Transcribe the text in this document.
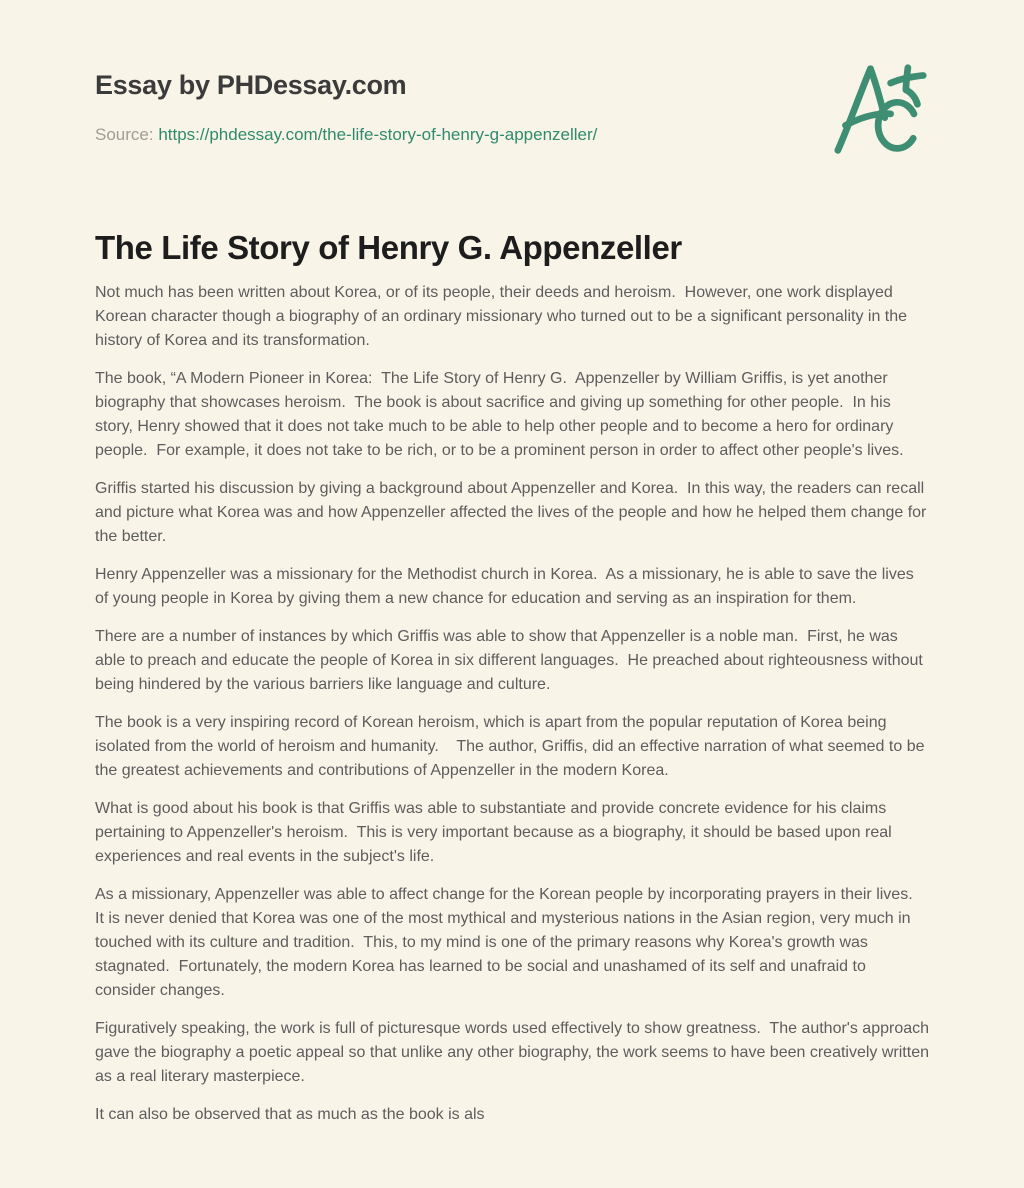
Essay by PHDessay.com

Source: https://phdessay.com/the-life-story-of-henry-g-appenzeller/

The Life Story of Henry G. Appenzeller

Not much has been written about Korea, or of its people, their deeds and heroism.  However, one work displayed Korean character though a biography of an ordinary missionary who turned out to be a significant personality in the history of Korea and its transformation.

The book, “A Modern Pioneer in Korea:  The Life Story of Henry G.  Appenzeller by William Griffis, is yet another biography that showcases heroism.  The book is about sacrifice and giving up something for other people.  In his story, Henry showed that it does not take much to be able to help other people and to become a hero for ordinary people.  For example, it does not take to be rich, or to be a prominent person in order to affect other people's lives.

Griffis started his discussion by giving a background about Appenzeller and Korea.  In this way, the readers can recall and picture what Korea was and how Appenzeller affected the lives of the people and how he helped them change for the better.

Henry Appenzeller was a missionary for the Methodist church in Korea.  As a missionary, he is able to save the lives of young people in Korea by giving them a new chance for education and serving as an inspiration for them.

There are a number of instances by which Griffis was able to show that Appenzeller is a noble man.  First, he was able to preach and educate the people of Korea in six different languages.  He preached about righteousness without being hindered by the various barriers like language and culture.

The book is a very inspiring record of Korean heroism, which is apart from the popular reputation of Korea being isolated from the world of heroism and humanity.    The author, Griffis, did an effective narration of what seemed to be the greatest achievements and contributions of Appenzeller in the modern Korea.

What is good about his book is that Griffis was able to substantiate and provide concrete evidence for his claims pertaining to Appenzeller's heroism.  This is very important because as a biography, it should be based upon real experiences and real events in the subject's life.

As a missionary, Appenzeller was able to affect change for the Korean people by incorporating prayers in their lives.  It is never denied that Korea was one of the most mythical and mysterious nations in the Asian region, very much in touched with its culture and tradition.  This, to my mind is one of the primary reasons why Korea's growth was stagnated.  Fortunately, the modern Korea has learned to be social and unashamed of its self and unafraid to consider changes.

Figuratively speaking, the work is full of picturesque words used effectively to show greatness.  The author's approach gave the biography a poetic appeal so that unlike any other biography, the work seems to have been creatively written as a real literary masterpiece.

It can also be observed that as much as the book is als
